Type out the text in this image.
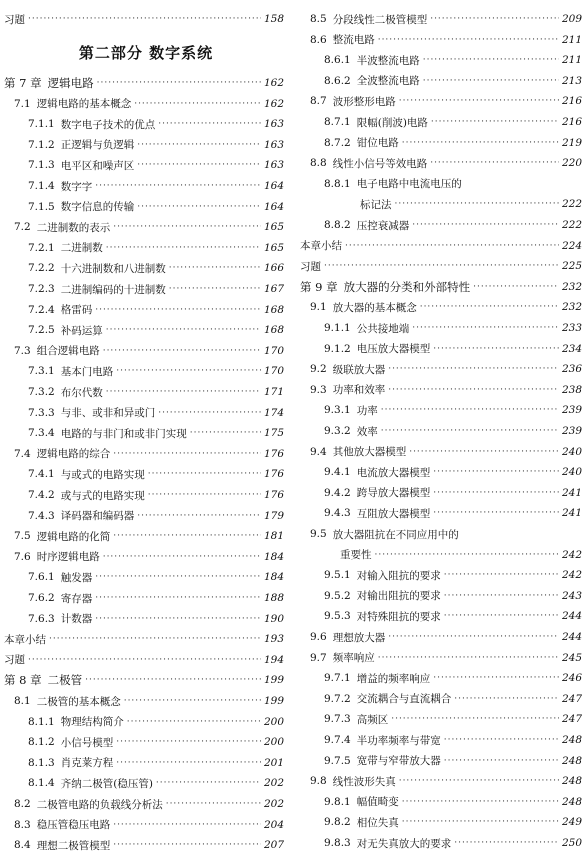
第二部分 数字系统
习题 ·····	158
第 7 章 逻辑电路 ·····	162
7.1 逻辑电路的基本概念 ·····	162
7.1.1 数字电子技术的优点 ·····	163
7.1.2 正逻辑与负逻辑 ·····	163
7.1.3 电平区和噪声区 ·····	163
7.1.4 数字字 ·····	164
7.1.5 数字信息的传输 ·····	164
7.2 二进制数的表示 ·····	165
7.2.1 二进制数 ·····	165
7.2.2 十六进制数和八进制数 ·····	166
7.2.3 二进制编码的十进制数 ·····	167
7.2.4 格雷码 ·····	168
7.2.5 补码运算 ·····	168
7.3 组合逻辑电路 ·····	170
7.3.1 基本门电路 ·····	170
7.3.2 布尔代数 ·····	171
7.3.3 与非、或非和异或门 ·····	174
7.3.4 电路的与非门和或非门实现 ·····	175
7.4 逻辑电路的综合 ·····	176
7.4.1 与或式的电路实现 ·····	176
7.4.2 或与式的电路实现 ·····	176
7.4.3 译码器和编码器 ·····	179
7.5 逻辑电路的化简 ·····	181
7.6 时序逻辑电路 ·····	184
7.6.1 触发器 ·····	184
7.6.2 寄存器 ·····	188
7.6.3 计数器 ·····	190
本章小结 ·····	193
习题 ·····	194
第 8 章 二极管 ·····	199
8.1 二极管的基本概念 ·····	199
8.1.1 物理结构简介 ·····	200
8.1.2 小信号模型 ·····	200
8.1.3 肖克莱方程 ·····	201
8.1.4 齐纳二极管(稳压管) ·····	202
8.2 二极管电路的负载线分析法 ·····	202
8.3 稳压管稳压电路 ·····	204
8.4 理想二极管模型 ·····	207
8.5 分段线性二极管模型 ·····	209
8.6 整流电路 ·····	211
8.6.1 半波整流电路 ·····	211
8.6.2 全波整流电路 ·····	213
8.7 波形整形电路 ·····	216
8.7.1 限幅(削波)电路 ·····	216
8.7.2 钳位电路 ·····	219
8.8 线性小信号等效电路 ·····	220
8.8.1 电子电路中电流电压的
标记法 ·····	222
8.8.2 压控衰减器 ·····	222
本章小结 ·····	224
习题 ·····	225
第 9 章 放大器的分类和外部特性 ·····	232
9.1 放大器的基本概念 ·····	232
9.1.1 公共接地端 ·····	233
9.1.2 电压放大器模型 ·····	234
9.2 级联放大器 ·····	236
9.3 功率和效率 ·····	238
9.3.1 功率 ·····	239
9.3.2 效率 ·····	239
9.4 其他放大器模型 ·····	240
9.4.1 电流放大器模型 ·····	240
9.4.2 跨导放大器模型 ·····	241
9.4.3 互阻放大器模型 ·····	241
9.5 放大器阻抗在不同应用中的
重要性 ·····	242
9.5.1 对输入阻抗的要求 ·····	242
9.5.2 对输出阻抗的要求 ·····	243
9.5.3 对特殊阻抗的要求 ·····	244
9.6 理想放大器 ·····	244
9.7 频率响应 ·····	245
9.7.1 增益的频率响应 ·····	246
9.7.2 交流耦合与直流耦合 ·····	247
9.7.3 高频区 ·····	247
9.7.4 半功率频率与带宽 ·····	248
9.7.5 宽带与窄带放大器 ·····	248
9.8 线性波形失真 ·····	248
9.8.1 幅值畸变 ·····	248
9.8.2 相位失真 ·····	249
9.8.3 对无失真放大的要求 ·····	250
